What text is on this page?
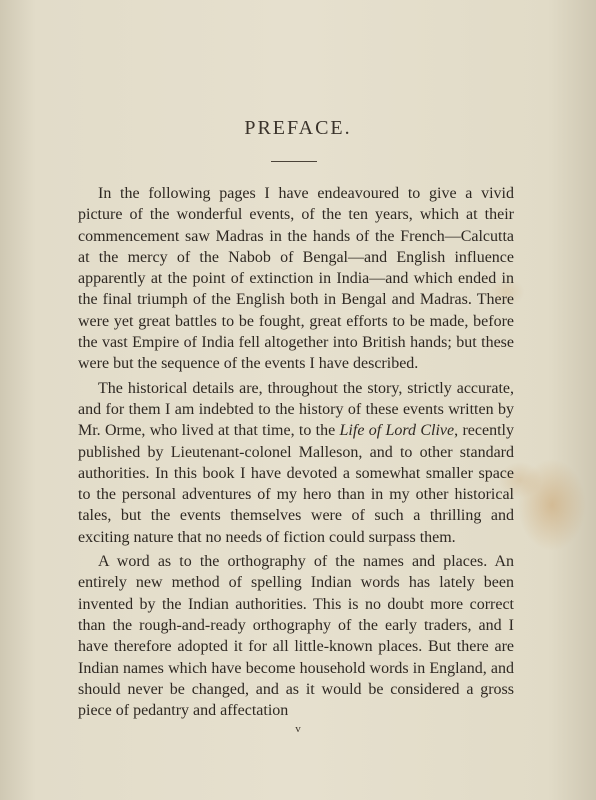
PREFACE.

In the following pages I have endeavoured to give a vivid picture of the wonderful events, of the ten years, which at their commencement saw Madras in the hands of the French—Calcutta at the mercy of the Nabob of Bengal—and English influence apparently at the point of extinction in India—and which ended in the final triumph of the English both in Bengal and Madras. There were yet great battles to be fought, great efforts to be made, before the vast Empire of India fell altogether into British hands; but these were but the sequence of the events I have described.

The historical details are, throughout the story, strictly accurate, and for them I am indebted to the history of these events written by Mr. Orme, who lived at that time, to the Life of Lord Clive, recently published by Lieutenant-colonel Malleson, and to other standard authorities. In this book I have devoted a somewhat smaller space to the personal adventures of my hero than in my other historical tales, but the events themselves were of such a thrilling and exciting nature that no needs of fiction could surpass them.

A word as to the orthography of the names and places. An entirely new method of spelling Indian words has lately been invented by the Indian authorities. This is no doubt more correct than the rough-and-ready orthography of the early traders, and I have therefore adopted it for all little-known places. But there are Indian names which have become household words in England, and should never be changed, and as it would be considered a gross piece of pedantry and affectation

v
